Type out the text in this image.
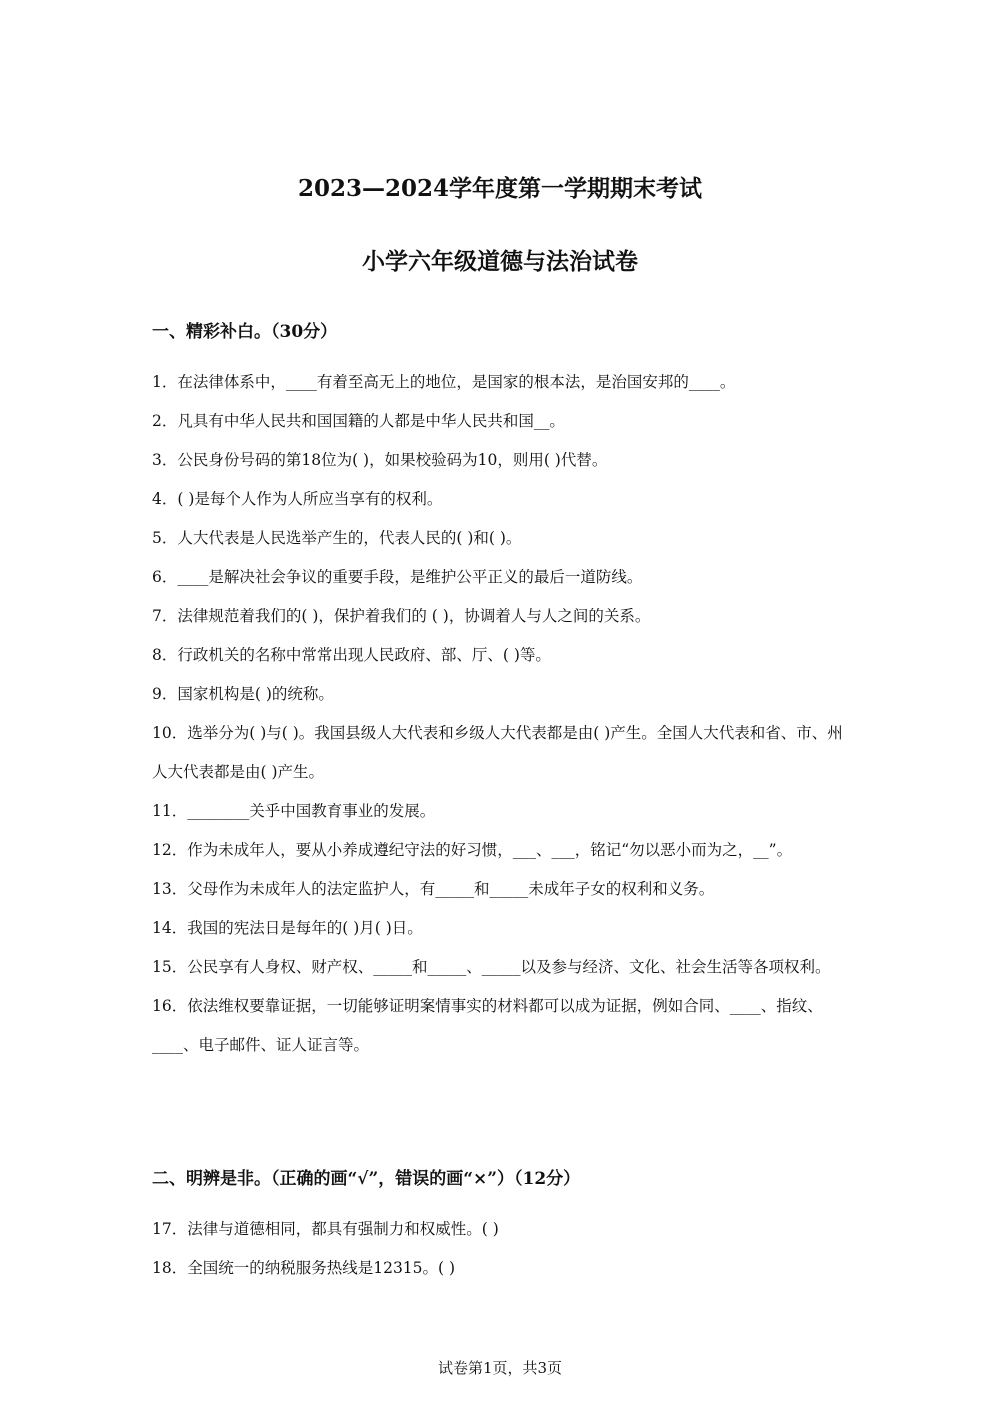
2023—2024学年度第一学期期末考试
小学六年级道德与法治试卷
一、精彩补白。（30分）
1．在法律体系中，____有着至高无上的地位，是国家的根本法，是治国安邦的____。
2．凡具有中华人民共和国国籍的人都是中华人民共和国__。
3．公民身份号码的第18位为( )，如果校验码为10，则用( )代替。
4．( )是每个人作为人所应当享有的权利。
5．人大代表是人民选举产生的，代表人民的( )和( )。
6．____是解决社会争议的重要手段，是维护公平正义的最后一道防线。
7．法律规范着我们的( )，保护着我们的 ( )，协调着人与人之间的关系。
8．行政机关的名称中常常出现人民政府、部、厅、( )等。
9．国家机构是( )的统称。
10．选举分为( )与( )。我国县级人大代表和乡级人大代表都是由( )产生。全国人大代表和省、市、州人大代表都是由( )产生。
11．________关乎中国教育事业的发展。
12．作为未成年人，要从小养成遵纪守法的好习惯，___、___，铭记“勿以恶小而为之，__”。
13．父母作为未成年人的法定监护人，有_____和_____未成年子女的权利和义务。
14．我国的宪法日是每年的( )月( )日。
15．公民享有人身权、财产权、_____和_____、_____以及参与经济、文化、社会生活等各项权利。
16．依法维权要靠证据，一切能够证明案情事实的材料都可以成为证据，例如合同、____、指纹、____、电子邮件、证人证言等。
二、明辨是非。（正确的画“√”，错误的画“×”）（12分）
17．法律与道德相同，都具有强制力和权威性。( )
18．全国统一的纳税服务热线是12315。( )
试卷第1页，共3页
